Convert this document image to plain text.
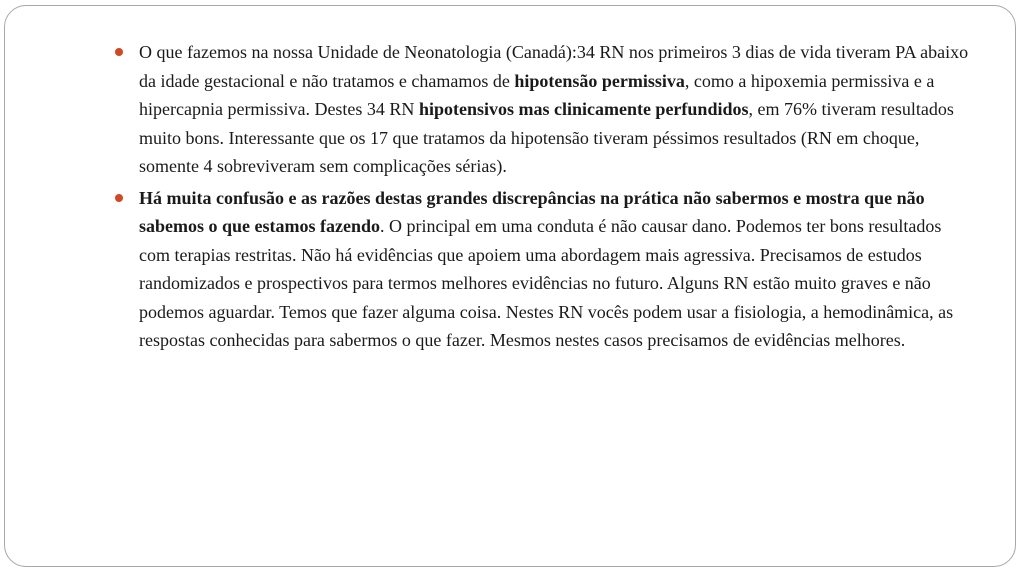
O que fazemos na nossa Unidade de Neonatologia (Canadá):34 RN nos primeiros 3 dias de vida tiveram PA abaixo da idade gestacional e não tratamos e chamamos de hipotensão permissiva, como a hipoxemia permissiva e a hipercapnia permissiva. Destes 34 RN hipotensivos mas clinicamente perfundidos, em 76% tiveram resultados muito bons. Interessante que os 17 que tratamos da hipotensão tiveram péssimos resultados (RN em choque, somente 4 sobreviveram sem complicações sérias).
Há muita confusão e as razões destas grandes discrepâncias na prática não sabermos e mostra que não sabemos o que estamos fazendo. O principal em uma conduta é não causar dano. Podemos ter bons resultados com terapias restritas. Não há evidências que apoiem uma abordagem mais agressiva. Precisamos de estudos randomizados e prospectivos para termos melhores evidências no futuro. Alguns RN estão muito graves e não podemos aguardar. Temos que fazer alguma coisa. Nestes RN vocês podem usar a fisiologia, a hemodinâmica, as respostas conhecidas para sabermos o que fazer. Mesmos nestes casos precisamos de evidências melhores.
